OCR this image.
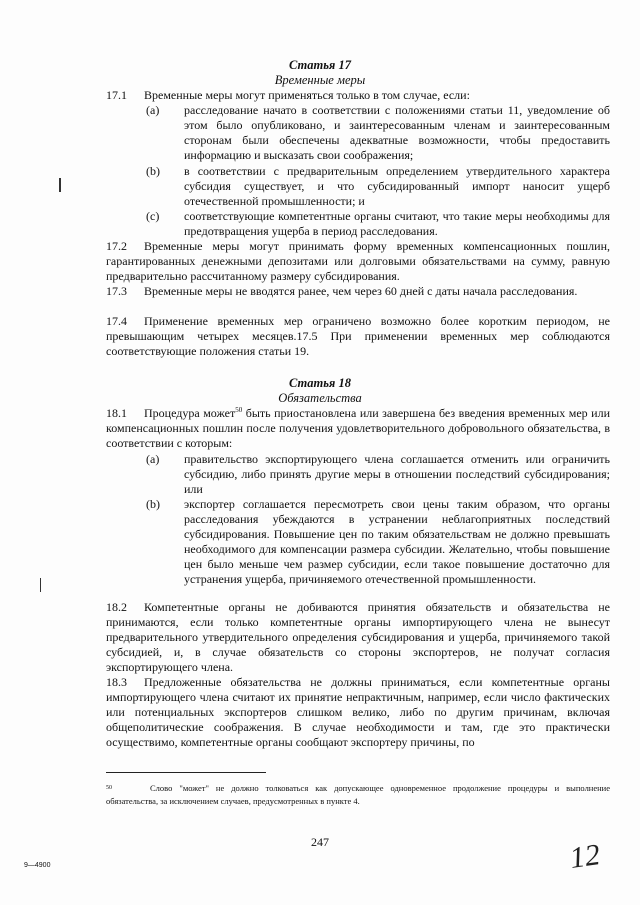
Статья 17
Временные меры
17.1 Временные меры могут применяться только в том случае, если:
(a)	расследование начато в соответствии с положениями статьи 11, уведомление об этом было опубликовано, и заинтересованным членам и заинтересованным сторонам были обеспечены адекватные возможности, чтобы предоставить информацию и высказать свои соображения;
(b)	в соответствии с предварительным определением утвердительного характера субсидия существует, и что субсидированный импорт наносит ущерб отечественной промышленности; и
(c)	соответствующие компетентные органы считают, что такие меры необходимы для предотвращения ущерба в период расследования.
17.2 Временные меры могут принимать форму временных компенсационных пошлин, гарантированных денежными депозитами или долговыми обязательствами на сумму, равную предварительно рассчитанному размеру субсидирования.
17.3 Временные меры не вводятся ранее, чем через 60 дней с даты начала расследования.
17.4 Применение временных мер ограничено возможно более коротким периодом, не превышающим четырех месяцев.17.5 При применении временных мер соблюдаются соответствующие положения статьи 19.
Статья 18
Обязательства
18.1 Процедура может$^{50}$ быть приостановлена или завершена без введения временных мер или компенсационных пошлин после получения удовлетворительного добровольного обязательства, в соответствии с которым:
(a)	правительство экспортирующего члена соглашается отменить или ограничить субсидию, либо принять другие меры в отношении последствий субсидирования; или
(b)	экспортер соглашается пересмотреть свои цены таким образом, что органы расследования убеждаются в устранении неблагоприятных последствий субсидирования. Повышение цен по таким обязательствам не должно превышать необходимого для компенсации размера субсидии. Желательно, чтобы повышение цен было меньше чем размер субсидии, если такое повышение достаточно для устранения ущерба, причиняемого отечественной промышленности.
18.2 Компетентные органы не добиваются принятия обязательств и обязательства не принимаются, если только компетентные органы импортирующего члена не вынесут предварительного утвердительного определения субсидирования и ущерба, причиняемого такой субсидией, и, в случае обязательств со стороны экспортеров, не получат согласия экспортирующего члена.
18.3 Предложенные обязательства не должны приниматься, если компетентные органы импортирующего члена считают их принятие непрактичным, например, если число фактических или потенциальных экспортеров слишком велико, либо по другим причинам, включая общеполитические соображения. В случае необходимости и там, где это практически осуществимо, компетентные органы сообщают экспортеру причины, по
50	Слово "может" не должно толковаться как допускающее одновременное продолжение процедуры и выполнение обязательства, за исключением случаев, предусмотренных в пункте 4.
247
9—4900	12
